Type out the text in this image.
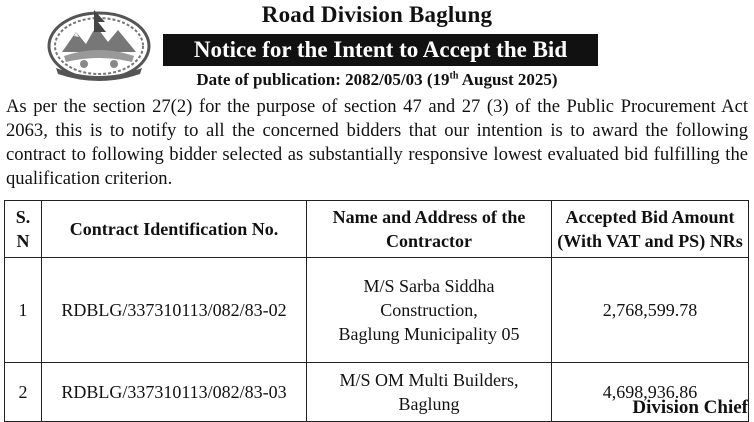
Road Division Baglung
Notice for the Intent to Accept the Bid
Date of publication: 2082/05/03 (19th August 2025)
As per the section 27(2) for the purpose of section 47 and 27 (3) of the Public Procurement Act 2063, this is to notify to all the concerned bidders that our intention is to award the following contract to following bidder selected as substantially responsive lowest evaluated bid fulfilling the qualification criterion.
S. N	Contract Identification No.	Name and Address of the Contractor	Accepted Bid Amount (With VAT and PS) NRs
1	RDBLG/337310113/082/83-02	M/S Sarba Siddha
Construction,
Baglung Municipality 05	2,768,599.78
2	RDBLG/337310113/082/83-03	M/S OM Multi Builders,
Baglung	4,698,936.86
Division Chief
